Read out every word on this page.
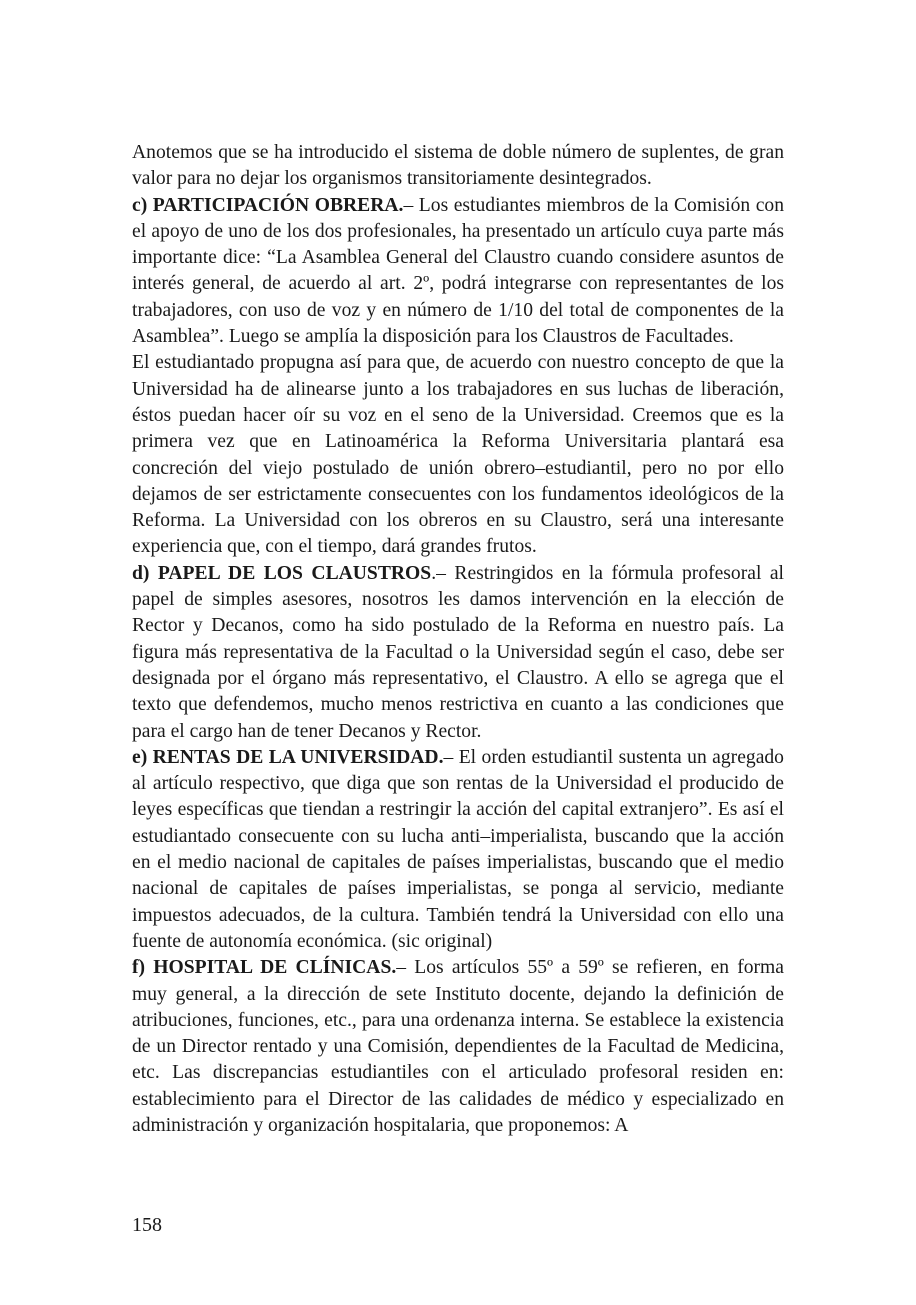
Anotemos que se ha introducido el sistema de doble número de suplentes, de gran valor para no dejar los organismos transitoriamente desintegrados.

c) PARTICIPACIÓN OBRERA.– Los estudiantes miembros de la Comisión con el apoyo de uno de los dos profesionales, ha presentado un artículo cuya parte más importante dice: “La Asamblea General del Claustro cuando considere asuntos de interés general, de acuerdo al art. 2º, podrá integrarse con representantes de los trabajadores, con uso de voz y en número de 1/10 del total de componentes de la Asamblea”. Luego se amplía la disposición para los Claustros de Facultades.

El estudiantado propugna así para que, de acuerdo con nuestro concepto de que la Universidad ha de alinearse junto a los trabajadores en sus luchas de liberación, éstos puedan hacer oír su voz en el seno de la Universidad. Creemos que es la primera vez que en Latinoamérica la Reforma Universitaria plantará esa concreción del viejo postulado de unión obrero–estudiantil, pero no por ello dejamos de ser estrictamente consecuentes con los fundamentos ideológicos de la Reforma. La Universidad con los obreros en su Claustro, será una interesante experiencia que, con el tiempo, dará grandes frutos.

d) PAPEL DE LOS CLAUSTROS.– Restringidos en la fórmula profesoral al papel de simples asesores, nosotros les damos intervención en la elección de Rector y Decanos, como ha sido postulado de la Reforma en nuestro país. La figura más representativa de la Facultad o la Universidad según el caso, debe ser designada por el órgano más representativo, el Claustro. A ello se agrega que el texto que defendemos, mucho menos restrictiva en cuanto a las condiciones que para el cargo han de tener Decanos y Rector.

e) RENTAS DE LA UNIVERSIDAD.– El orden estudiantil sustenta un agregado al artículo respectivo, que diga que son rentas de la Universidad el producido de leyes específicas que tiendan a restringir la acción del capital extranjero”. Es así el estudiantado consecuente con su lucha anti–imperialista, buscando que la acción en el medio nacional de capitales de países imperialistas, buscando que el medio nacional de capitales de países imperialistas, se ponga al servicio, mediante impuestos adecuados, de la cultura. También tendrá la Universidad con ello una fuente de autonomía económica. (sic original)

f) HOSPITAL DE CLÍNICAS.– Los artículos 55º a 59º se refieren, en forma muy general, a la dirección de sete Instituto docente, dejando la definición de atribuciones, funciones, etc., para una ordenanza interna. Se establece la existencia de un Director rentado y una Comisión, dependientes de la Facultad de Medicina, etc. Las discrepancias estudiantiles con el articulado profesoral residen en: establecimiento para el Director de las calidades de médico y especializado en administración y organización hospitalaria, que proponemos: A

158
